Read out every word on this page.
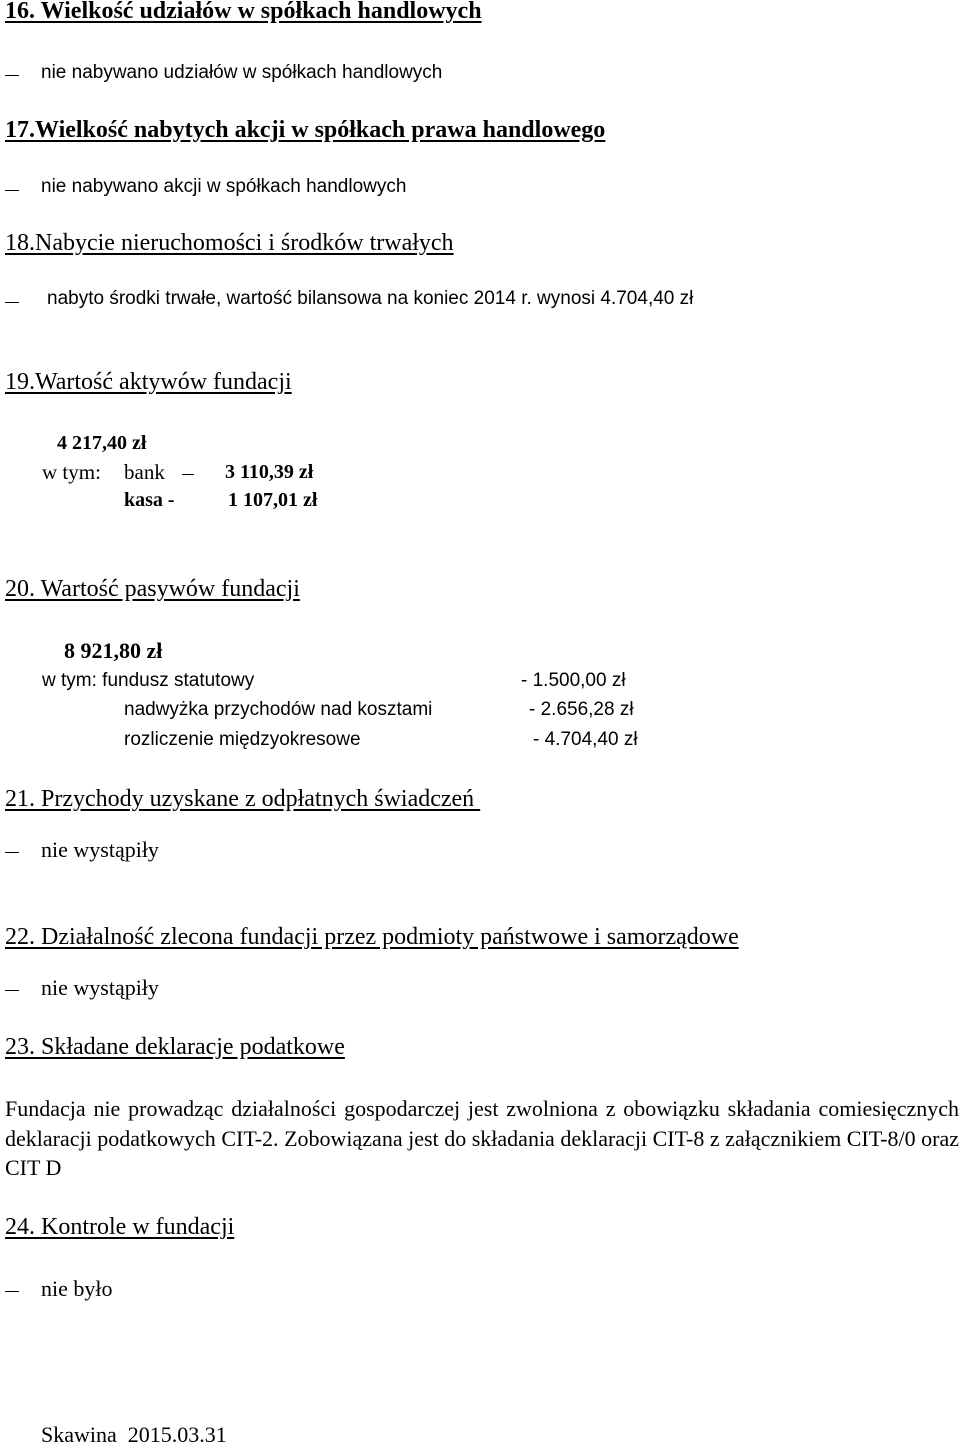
16. Wielkość udziałów w spółkach handlowych
nie nabywano udziałów w spółkach handlowych
17.Wielkość nabytych akcji w spółkach prawa handlowego
nie nabywano akcji w spółkach handlowych
18.Nabycie nieruchomości i środków trwałych
nabyto środki trwałe, wartość bilansowa na koniec 2014 r. wynosi 4.704,40 zł
19.Wartość aktywów fundacji
4 217,40 zł
w tym: bank	3 110,39 zł
kasa -	1 107,01 zł
20. Wartość pasywów fundacji
8 921,80 zł
w tym: fundusz statutowy	- 1.500,00 zł
nadwyżka przychodów nad kosztami	- 2.656,28 zł
rozliczenie międzyokresowe	- 4.704,40 zł
21. Przychody uzyskane z odpłatnych świadczeń
nie wystąpiły
22. Działalność zlecona fundacji przez podmioty państwowe i samorządowe
nie wystąpiły
23. Składane deklaracje podatkowe
Fundacja nie prowadząc działalności gospodarczej jest zwolniona z obowiązku składania comiesięcznych deklaracji podatkowych CIT-2. Zobowiązana jest do składania deklaracji CIT-8 z załącznikiem CIT-8/0 oraz CIT D
24. Kontrole w fundacji
nie było
Skawina  2015.03.31
